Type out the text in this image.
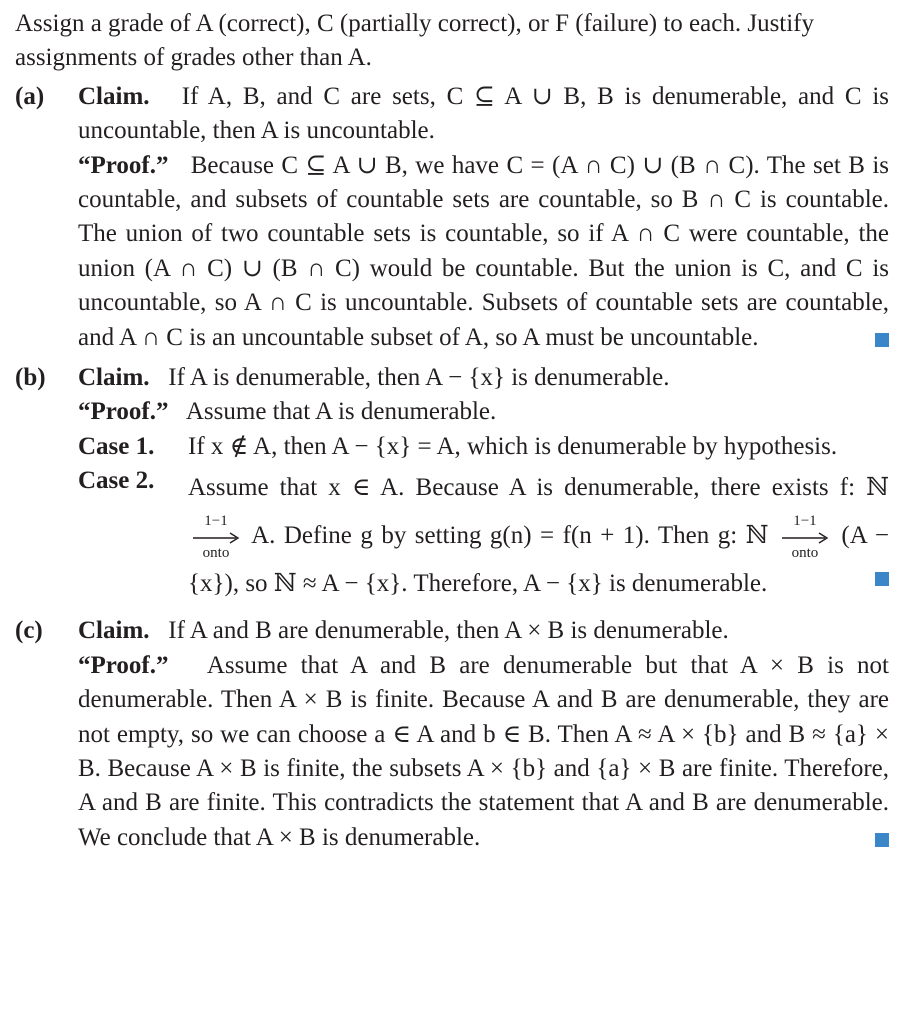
Assign a grade of A (correct), C (partially correct), or F (failure) to each. Justify assignments of grades other than A.
(a) Claim. If A, B, and C are sets, C ⊆ A ∪ B, B is denumerable, and C is uncountable, then A is uncountable.
“Proof.” Because C ⊆ A ∪ B, we have C = (A ∩ C) ∪ (B ∩ C). The set B is countable, and subsets of countable sets are countable, so B ∩ C is countable. The union of two countable sets is countable, so if A ∩ C were countable, the union (A ∩ C) ∪ (B ∩ C) would be countable. But the union is C, and C is uncountable, so A ∩ C is uncountable. Subsets of countable sets are countable, and A ∩ C is an uncountable subset of A, so A must be uncountable.
(b) Claim. If A is denumerable, then A − {x} is denumerable.
“Proof.” Assume that A is denumerable.
Case 1. If x ∉ A, then A − {x} = A, which is denumerable by hypothesis.
Case 2. Assume that x ∈ A. Because A is denumerable, there exists f: ℕ
1−1
onto
A. Define g by setting g(n) = f(n + 1). Then g: ℕ
1−1
onto
(A − {x}), so ℕ ≈ A − {x}. Therefore, A − {x} is denumerable.
(c) Claim. If A and B are denumerable, then A × B is denumerable.
“Proof.” Assume that A and B are denumerable but that A × B is not denumerable. Then A × B is finite. Because A and B are denumerable, they are not empty, so we can choose a ∈ A and b ∈ B. Then A ≈ A × {b} and B ≈ {a} × B. Because A × B is finite, the subsets A × {b} and {a} × B are finite. Therefore, A and B are finite. This contradicts the statement that A and B are denumerable. We conclude that A × B is denumerable.
